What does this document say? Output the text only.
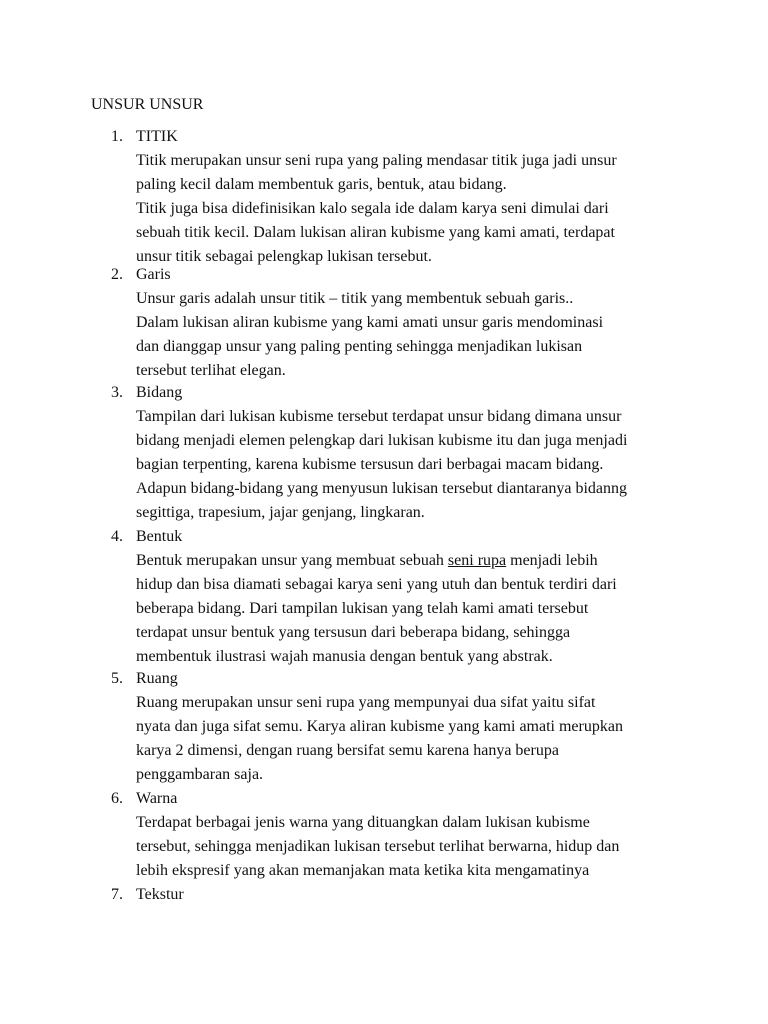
UNSUR UNSUR
1. TITIK
Titik merupakan unsur seni rupa yang paling mendasar titik juga jadi unsur
paling kecil dalam membentuk garis, bentuk, atau bidang.
Titik juga bisa didefinisikan kalo segala ide dalam karya seni dimulai dari
sebuah titik kecil. Dalam lukisan aliran kubisme yang kami amati, terdapat
unsur titik sebagai pelengkap lukisan tersebut.
2. Garis
Unsur garis adalah unsur titik – titik yang membentuk sebuah garis..
Dalam lukisan aliran kubisme yang kami amati unsur garis mendominasi
dan dianggap unsur yang paling penting sehingga menjadikan lukisan
tersebut terlihat elegan.
3. Bidang
Tampilan dari lukisan kubisme tersebut terdapat unsur bidang dimana unsur
bidang menjadi elemen pelengkap dari lukisan kubisme itu dan juga menjadi
bagian terpenting, karena kubisme tersusun dari berbagai macam bidang.
Adapun bidang-bidang yang menyusun lukisan tersebut diantaranya bidanng
segittiga, trapesium, jajar genjang, lingkaran.
4. Bentuk
Bentuk merupakan unsur yang membuat sebuah seni rupa menjadi lebih
hidup dan bisa diamati sebagai karya seni yang utuh dan bentuk terdiri dari
beberapa bidang. Dari tampilan lukisan yang telah kami amati tersebut
terdapat unsur bentuk yang tersusun dari beberapa bidang, sehingga
membentuk ilustrasi wajah manusia dengan bentuk yang abstrak.
5. Ruang
Ruang merupakan unsur seni rupa yang mempunyai dua sifat yaitu sifat
nyata dan juga sifat semu. Karya aliran kubisme yang kami amati merupkan
karya 2 dimensi, dengan ruang bersifat semu karena hanya berupa
penggambaran saja.
6. Warna
Terdapat berbagai jenis warna yang dituangkan dalam lukisan kubisme
tersebut, sehingga menjadikan lukisan tersebut terlihat berwarna, hidup dan
lebih ekspresif yang akan memanjakan mata ketika kita mengamatinya
7. Tekstur
